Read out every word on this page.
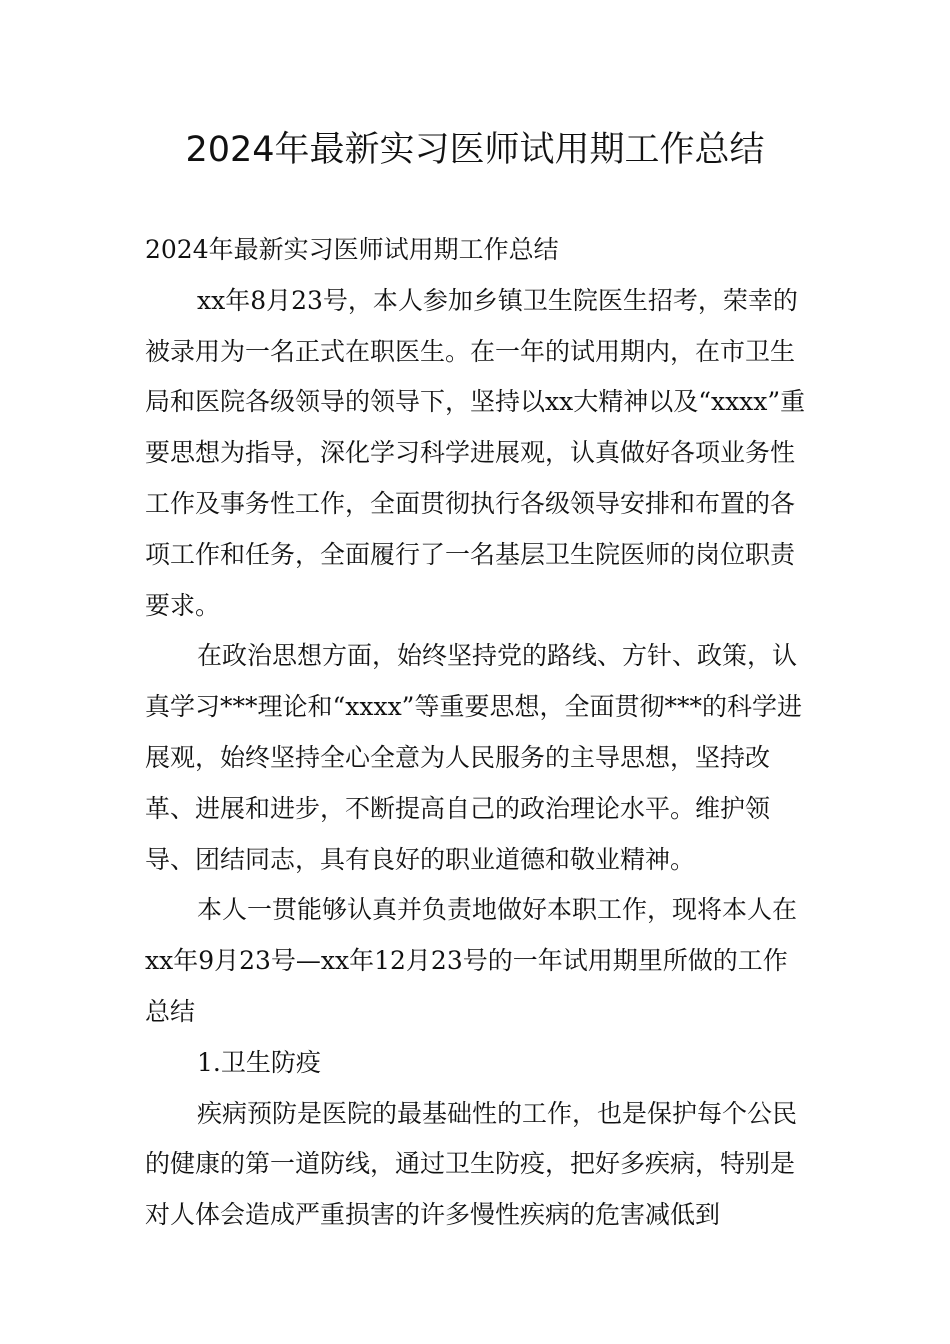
2024年最新实习医师试用期工作总结

2024年最新实习医师试用期工作总结

xx年8月23号，本人参加乡镇卫生院医生招考，荣幸的被录用为一名正式在职医生。在一年的试用期内，在市卫生局和医院各级领导的领导下，坚持以xx大精神以及“xxxx”重要思想为指导，深化学习科学进展观，认真做好各项业务性工作及事务性工作，全面贯彻执行各级领导安排和布置的各项工作和任务，全面履行了一名基层卫生院医师的岗位职责要求。

在政治思想方面，始终坚持党的路线、方针、政策，认真学习***理论和“xxxx”等重要思想，全面贯彻***的科学进展观，始终坚持全心全意为人民服务的主导思想，坚持改革、进展和进步，不断提高自己的政治理论水平。维护领导、团结同志，具有良好的职业道德和敬业精神。

本人一贯能够认真并负责地做好本职工作，现将本人在xx年9月23号—xx年12月23号的一年试用期里所做的工作总结

1.卫生防疫

疾病预防是医院的最基础性的工作，也是保护每个公民的健康的第一道防线，通过卫生防疫，把好多疾病，特别是对人体会造成严重损害的许多慢性疾病的危害减低到
